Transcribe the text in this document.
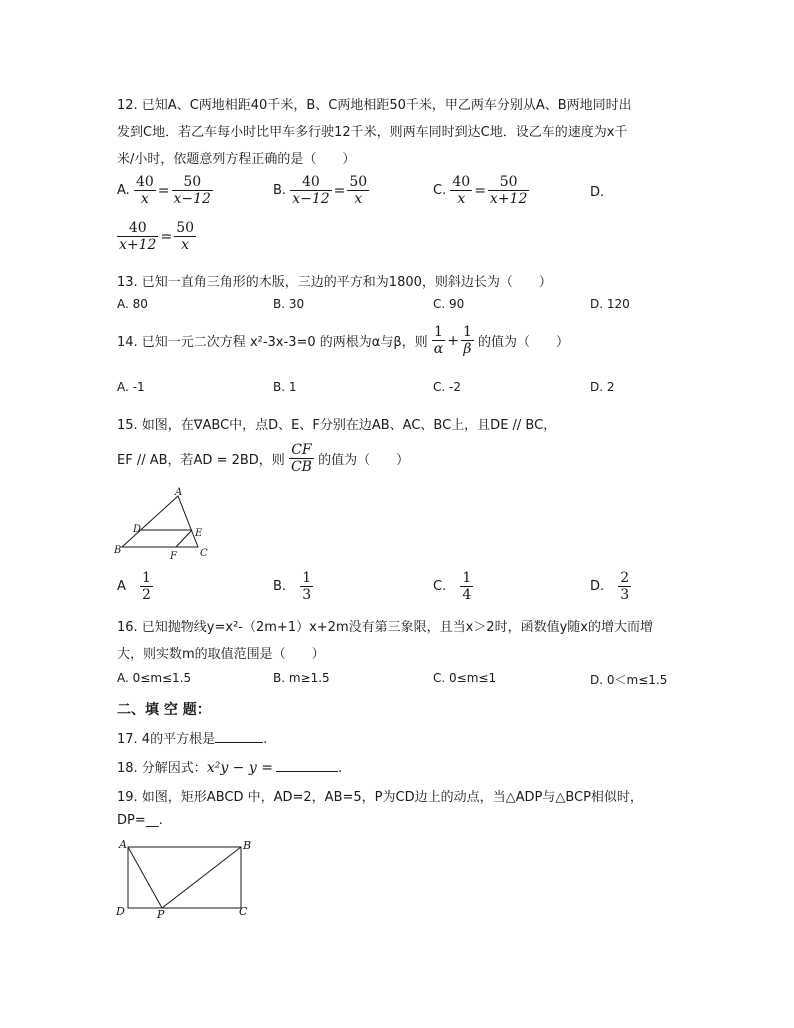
12. 已知A、C两地相距40千米，B、C两地相距50千米，甲乙两车分别从A、B两地同时出
发到C地．若乙车每小时比甲车多行驶12千米，则两车同时到达C地．设乙车的速度为x千
米/小时，依题意列方程正确的是（　　）
A. $\frac{40}{x} = \frac{50}{x-12}$	B. $\frac{40}{x-12} = \frac{50}{x}$	C. $\frac{40}{x} = \frac{50}{x+12}$	D.
$\frac{40}{x+12} = \frac{50}{x}$
13. 已知一直角三角形的木版，三边的平方和为1800，则斜边长为（　　）
A. 80	B. 30	C. 90	D. 120
14. 已知一元二次方程 x²-3x-3=0 的两根为α与β，则 $\frac{1}{\alpha} + \frac{1}{\beta}$ 的值为（　　）
A. -1	B. 1	C. -2	D. 2
15. 如图，在∇ABC中，点D、E、F分别在边AB、AC、BC上，且DE // BC，
EF // AB，若AD = 2BD，则 $\frac{CF}{CB}$ 的值为（　　）
A
D	E
B
F C
A $\frac{1}{2}$	B. $\frac{1}{3}$	C. $\frac{1}{4}$	D. $\frac{2}{3}$
16. 已知抛物线y=x²-（2m+1）x+2m没有第三象限，且当x＞2时，函数值y随x的增大而增
大，则实数m的取值范围是（　　）
A. 0≤m≤1.5	B. m≥1.5	C. 0≤m≤1	D. 0＜m≤1.5
二、填 空 题：
17. 4的平方根是	.
18. 分解因式：x²y − y =	.
19. 如图，矩形ABCD 中，AD=2，AB=5，P为CD边上的动点，当△ADP与△BCP相似时，
DP=__.
A	B
D	P	C
